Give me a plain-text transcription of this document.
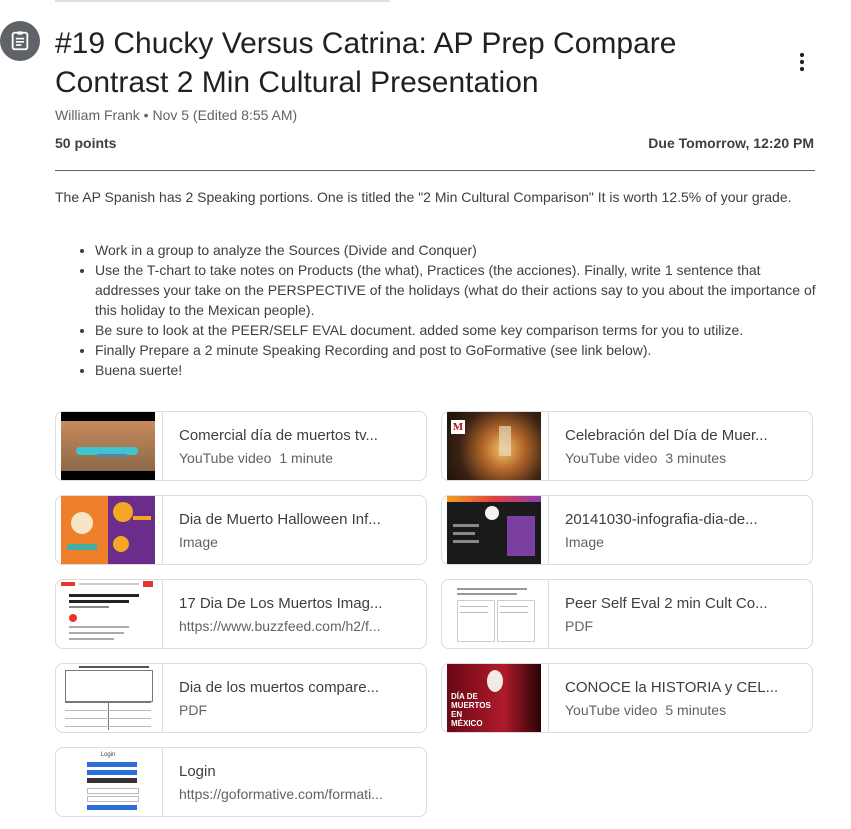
#19 Chucky Versus Catrina: AP Prep Compare Contrast 2 Min Cultural Presentation
William Frank • Nov 5 (Edited 8:55 AM)
50 points	Due Tomorrow, 12:20 PM
The AP Spanish has 2 Speaking portions. One is titled the "2 Min Cultural Comparison" It is worth 12.5% of your grade.
• Work in a group to analyze the Sources (Divide and Conquer)
• Use the T-chart to take notes on Products (the what), Practices (the acciones). Finally, write 1 sentence that addresses your take on the PERSPECTIVE of the holidays (what do their actions say to you about the importance of this holiday to the Mexican people).
• Be sure to look at the PEER/SELF EVAL document. added some key comparison terms for you to utilize.
• Finally Prepare a 2 minute Speaking Recording and post to GoFormative (see link below).
• Buena suerte!
Comercial día de muertos tv...
YouTube video 1 minute
M	Celebración del Día de Muer...
YouTube video 3 minutes
Dia de Muerto Halloween Inf...
Image
20141030-infografia-dia-de...
Image
17 Dia De Los Muertos Imag...
https://www.buzzfeed.com/h2/f...
Peer Self Eval 2 min Cult Co...
PDF
Dia de los muertos compare...
PDF
DÍA DE MUERTOS EN MÉXICO
CONOCE la HISTORIA y CEL...
YouTube video 5 minutes
Login
Login
https://goformative.com/formati...
